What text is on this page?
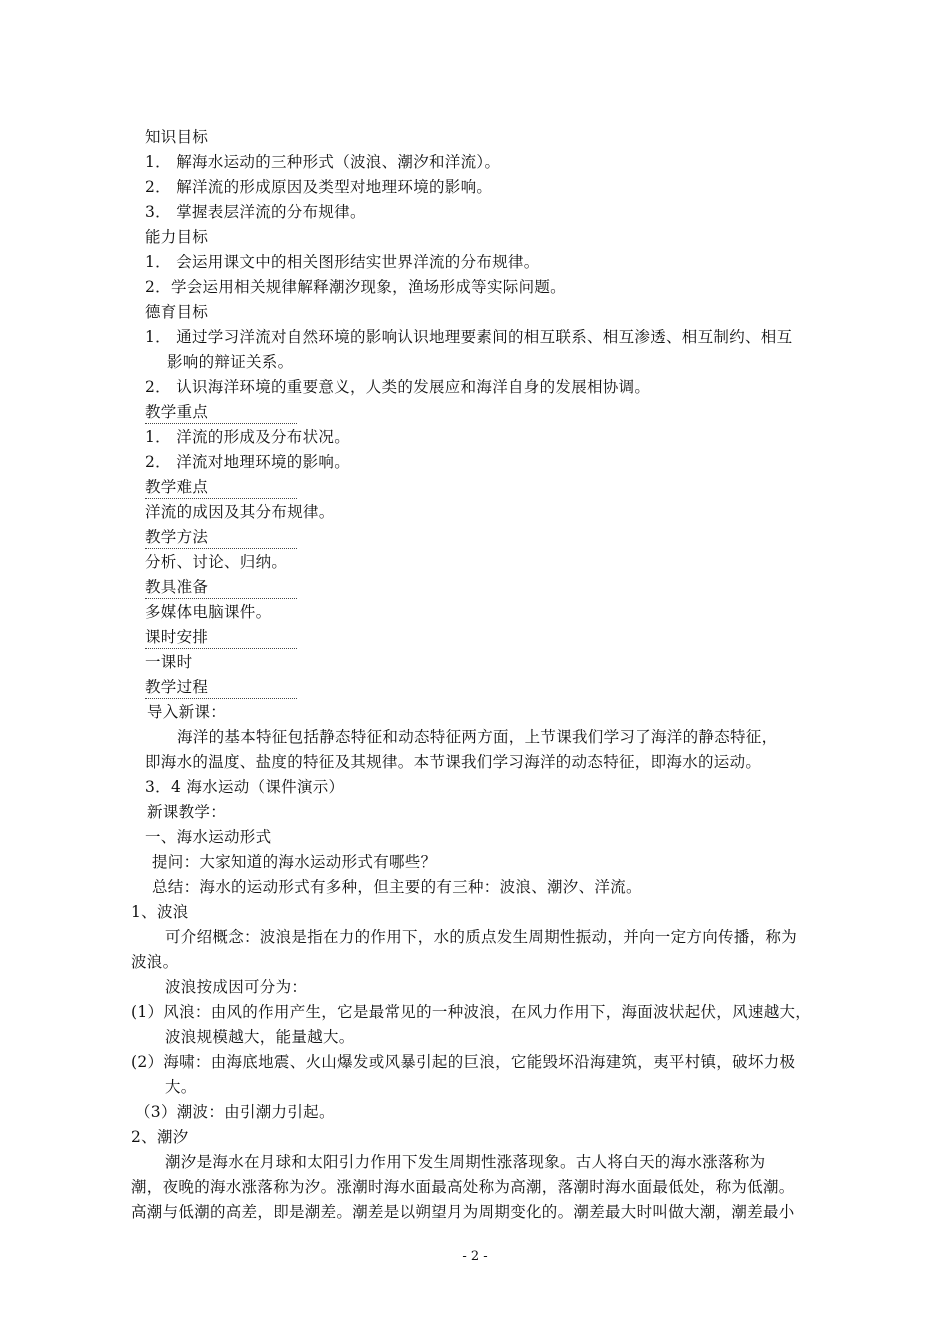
知识目标
1． 解海水运动的三种形式（波浪、潮汐和洋流）。
2． 解洋流的形成原因及类型对地理环境的影响。
3． 掌握表层洋流的分布规律。
能力目标
1． 会运用课文中的相关图形结实世界洋流的分布规律。
2．学会运用相关规律解释潮汐现象，渔场形成等实际问题。
德育目标
1． 通过学习洋流对自然环境的影响认识地理要素间的相互联系、相互渗透、相互制约、相互
影响的辩证关系。
2． 认识海洋环境的重要意义，人类的发展应和海洋自身的发展相协调。
教学重点
1． 洋流的形成及分布状况。
2． 洋流对地理环境的影响。
教学难点
洋流的成因及其分布规律。
教学方法
分析、讨论、归纳。
教具准备
多媒体电脑课件。
课时安排
一课时
教学过程
导入新课：
海洋的基本特征包括静态特征和动态特征两方面，上节课我们学习了海洋的静态特征，
即海水的温度、盐度的特征及其规律。本节课我们学习海洋的动态特征，即海水的运动。
3．4 海水运动（课件演示）
新课教学：
一、海水运动形式
提问：大家知道的海水运动形式有哪些？
总结：海水的运动形式有多种，但主要的有三种：波浪、潮汐、洋流。
1、波浪
可介绍概念：波浪是指在力的作用下，水的质点发生周期性振动，并向一定方向传播，称为
波浪。
波浪按成因可分为：
(1）风浪：由风的作用产生，它是最常见的一种波浪，在风力作用下，海面波状起伏，风速越大，
波浪规模越大，能量越大。
(2）海啸：由海底地震、火山爆发或风暴引起的巨浪，它能毁坏沿海建筑，夷平村镇，破坏力极
大。
（3）潮波：由引潮力引起。
2、潮汐
潮汐是海水在月球和太阳引力作用下发生周期性涨落现象。古人将白天的海水涨落称为
潮，夜晚的海水涨落称为汐。涨潮时海水面最高处称为高潮，落潮时海水面最低处，称为低潮。
高潮与低潮的高差，即是潮差。潮差是以朔望月为周期变化的。潮差最大时叫做大潮，潮差最小
- 2 -
